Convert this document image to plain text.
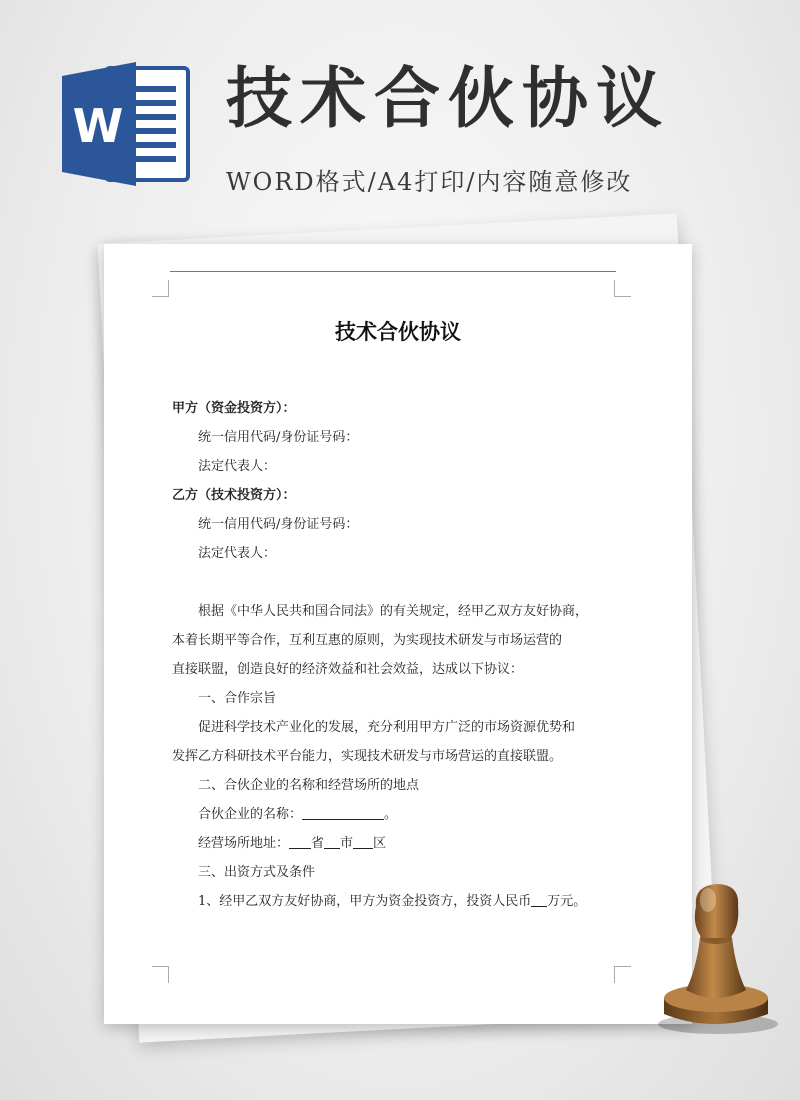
W 技术合伙协议
WORD格式/A4打印/内容随意修改
技术合伙协议
甲方（资金投资方）：
统一信用代码/身份证号码：
法定代表人：
乙方（技术投资方）：
统一信用代码/身份证号码：
法定代表人：
根据《中华人民共和国合同法》的有关规定，经甲乙双方友好协商，
本着长期平等合作，互利互惠的原则，为实现技术研发与市场运营的
直接联盟，创造良好的经济效益和社会效益，达成以下协议：
一、合作宗旨
促进科学技术产业化的发展，充分利用甲方广泛的市场资源优势和
发挥乙方科研技术平台能力，实现技术研发与市场营运的直接联盟。
二、合伙企业的名称和经营场所的地点
合伙企业的名称：	。
经营场所地址： 省 市 区
三、出资方式及条件
1、经甲乙双方友好协商，甲方为资金投资方，投资人民币 万元。
